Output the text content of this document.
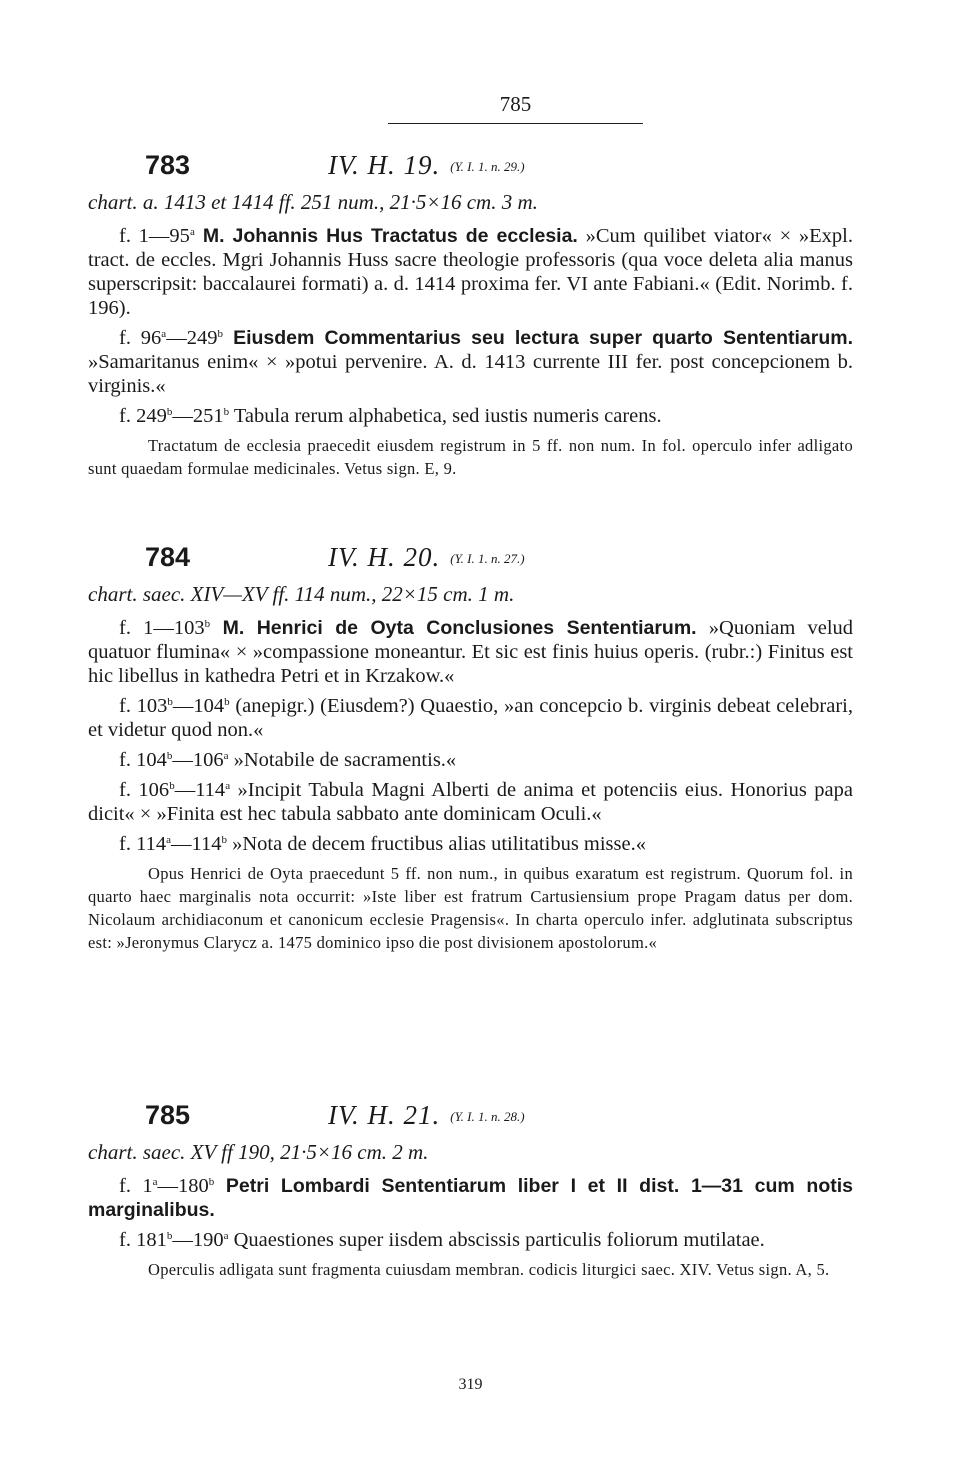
785
783	IV. H. 19. (Y. I. 1. n. 29.)
chart. a. 1413 et 1414 ff. 251 num., 21·5×16 cm. 3 m.

f. 1—95$^a$ M. Johannis Hus Tractatus de ecclesia. »Cum quilibet viator« × »Expl. tract. de eccles. Mgri Johannis Huss sacre theologie professoris (qua voce deleta alia manus superscripsit: baccalaurei formati) a. d. 1414 proxima fer. VI ante Fabiani.« (Edit. Norimb. f. 196).

f. 96$^a$—249$^b$ Eiusdem Commentarius seu lectura super quarto Sententiarum. »Samaritanus enim« × »potui pervenire. A. d. 1413 currente III fer. post concepcionem b. virginis.«

f. 249$^b$—251$^b$ Tabula rerum alphabetica, sed iustis numeris carens.

Tractatum de ecclesia praecedit eiusdem registrum in 5 ff. non num. In fol. operculo infer adligato sunt quaedam formulae medicinales. Vetus sign. E, 9.

784	IV. H. 20. (Y. I. 1. n. 27.)
chart. saec. XIV—XV ff. 114 num., 22×15 cm. 1 m.

f. 1—103$^b$ M. Henrici de Oyta Conclusiones Sententiarum. »Quoniam velud quatuor flumina« × »compassione moneantur. Et sic est finis huius operis. (rubr.:) Finitus est hic libellus in kathedra Petri et in Krzakow.«

f. 103$^b$—104$^b$ (anepigr.) (Eiusdem?) Quaestio, »an concepcio b. virginis debeat celebrari, et videtur quod non.«

f. 104$^b$—106$^a$ »Notabile de sacramentis.«

f. 106$^b$—114$^a$ »Incipit Tabula Magni Alberti de anima et potenciis eius. Honorius papa dicit« × »Finita est hec tabula sabbato ante dominicam Oculi.«

f. 114$^a$—114$^b$ »Nota de decem fructibus alias utilitatibus misse.«

Opus Henrici de Oyta praecedunt 5 ff. non num., in quibus exaratum est registrum. Quorum fol. in quarto haec marginalis nota occurrit: »Iste liber est fratrum Cartusiensium prope Pragam datus per dom. Nicolaum archidiaconum et canonicum ecclesie Pragensis«. In charta operculo infer. adglutinata subscriptus est: »Jeronymus Clarycz a. 1475 dominico ipso die post divisionem apostolorum.«

785	IV. H. 21. (Y. I. 1. n. 28.)
chart. saec. XV ff 190, 21·5×16 cm. 2 m.

f. 1$^a$—180$^b$ Petri Lombardi Sententiarum liber I et II dist. 1—31 cum notis marginalibus.

f. 181$^b$—190$^a$ Quaestiones super iisdem abscissis particulis foliorum mutilatae.

Operculis adligata sunt fragmenta cuiusdam membran. codicis liturgici saec. XIV. Vetus sign. A, 5.

319
